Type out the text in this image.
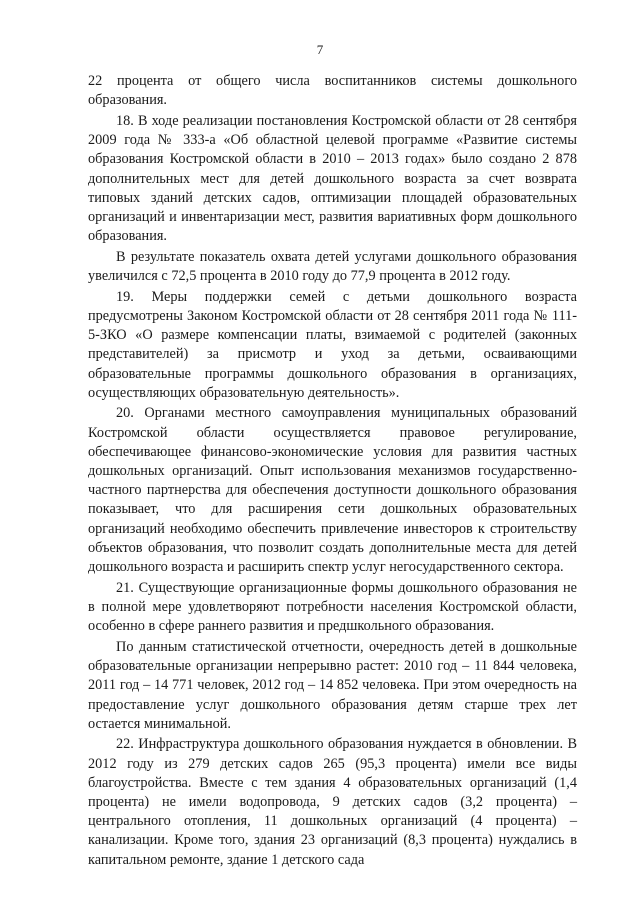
7

22 процента от общего числа воспитанников системы дошкольного образования.

18. В ходе реализации постановления Костромской области от 28 сентября 2009 года № 333-а «Об областной целевой программе «Развитие системы образования Костромской области в 2010 – 2013 годах» было создано 2 878 дополнительных мест для детей дошкольного возраста за счет возврата типовых зданий детских садов, оптимизации площадей образовательных организаций и инвентаризации мест, развития вариативных форм дошкольного образования.

В результате показатель охвата детей услугами дошкольного образования увеличился с 72,5 процента в 2010 году до 77,9 процента в 2012 году.

19. Меры поддержки семей с детьми дошкольного возраста предусмотрены Законом Костромской области от 28 сентября 2011 года № 111-5-ЗКО «О размере компенсации платы, взимаемой с родителей (законных представителей) за присмотр и уход за детьми, осваивающими образовательные программы дошкольного образования в организациях, осуществляющих образовательную деятельность».

20. Органами местного самоуправления муниципальных образований Костромской области осуществляется правовое регулирование, обеспечивающее финансово-экономические условия для развития частных дошкольных организаций. Опыт использования механизмов государственно-частного партнерства для обеспечения доступности дошкольного образования показывает, что для расширения сети дошкольных образовательных организаций необходимо обеспечить привлечение инвесторов к строительству объектов образования, что позволит создать дополнительные места для детей дошкольного возраста и расширить спектр услуг негосударственного сектора.

21. Существующие организационные формы дошкольного образования не в полной мере удовлетворяют потребности населения Костромской области, особенно в сфере раннего развития и предшкольного образования.

По данным статистической отчетности, очередность детей в дошкольные образовательные организации непрерывно растет: 2010 год – 11 844 человека, 2011 год – 14 771 человек, 2012 год – 14 852 человека. При этом очередность на предоставление услуг дошкольного образования детям старше трех лет остается минимальной.

22. Инфраструктура дошкольного образования нуждается в обновлении. В 2012 году из 279 детских садов 265 (95,3 процента) имели все виды благоустройства. Вместе с тем здания 4 образовательных организаций (1,4 процента) не имели водопровода, 9 детских садов (3,2 процента) – центрального отопления, 11 дошкольных организаций (4 процента) – канализации. Кроме того, здания 23 организаций (8,3 процента) нуждались в капитальном ремонте, здание 1 детского сада
